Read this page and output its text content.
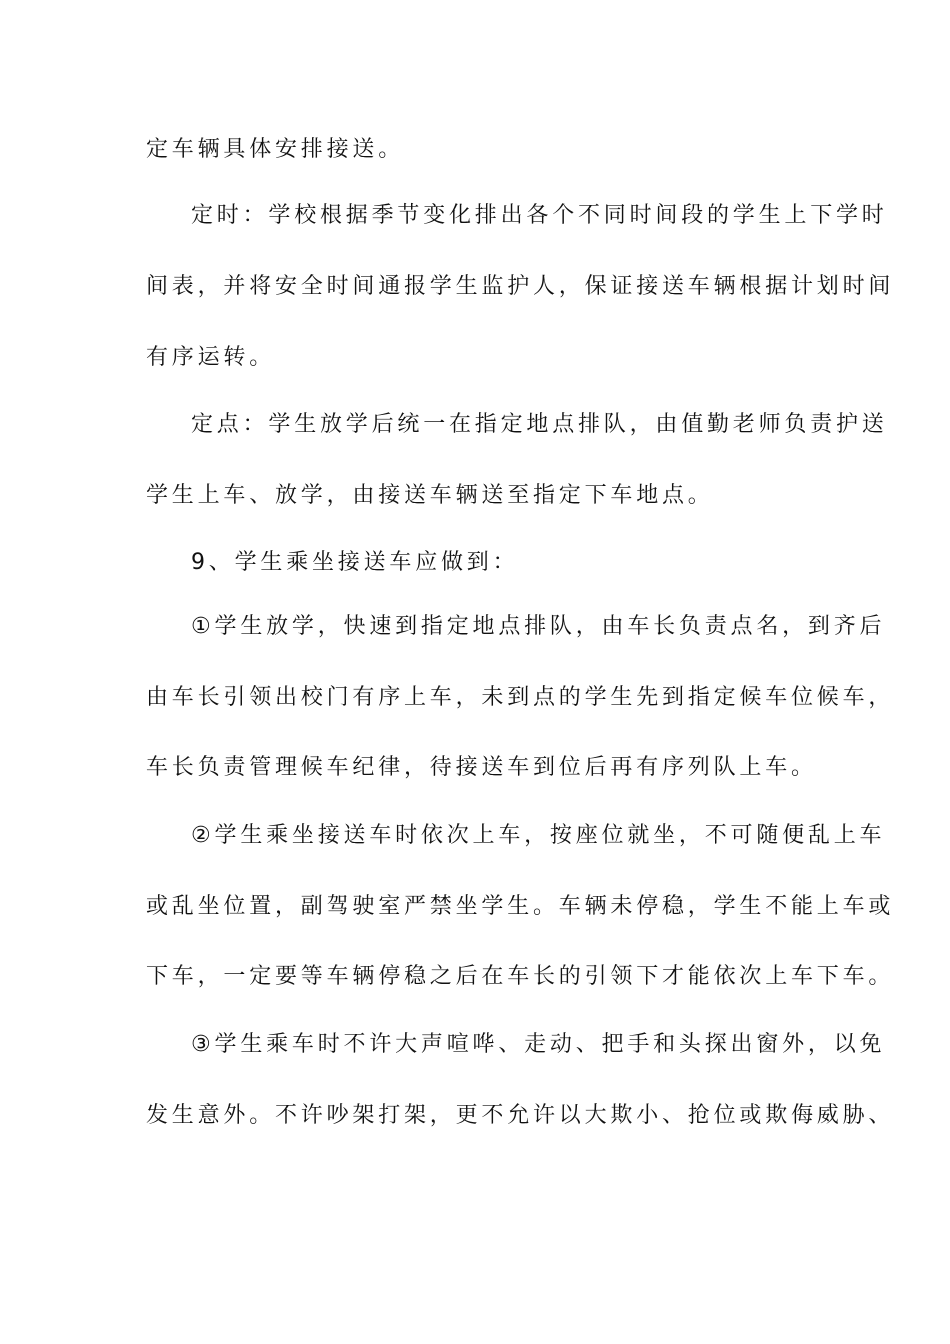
定车辆具体安排接送。
定时：学校根据季节变化排出各个不同时间段的学生上下学时
间表，并将安全时间通报学生监护人，保证接送车辆根据计划时间
有序运转。
定点：学生放学后统一在指定地点排队，由值勤老师负责护送
学生上车、放学，由接送车辆送至指定下车地点。
9、学生乘坐接送车应做到：
①学生放学，快速到指定地点排队，由车长负责点名，到齐后
由车长引领出校门有序上车，未到点的学生先到指定候车位候车，
车长负责管理候车纪律，待接送车到位后再有序列队上车。
②学生乘坐接送车时依次上车，按座位就坐，不可随便乱上车
或乱坐位置，副驾驶室严禁坐学生。车辆未停稳，学生不能上车或
下车，一定要等车辆停稳之后在车长的引领下才能依次上车下车。
③学生乘车时不许大声喧哗、走动、把手和头探出窗外，以免
发生意外。不许吵架打架，更不允许以大欺小、抢位或欺侮威胁、
